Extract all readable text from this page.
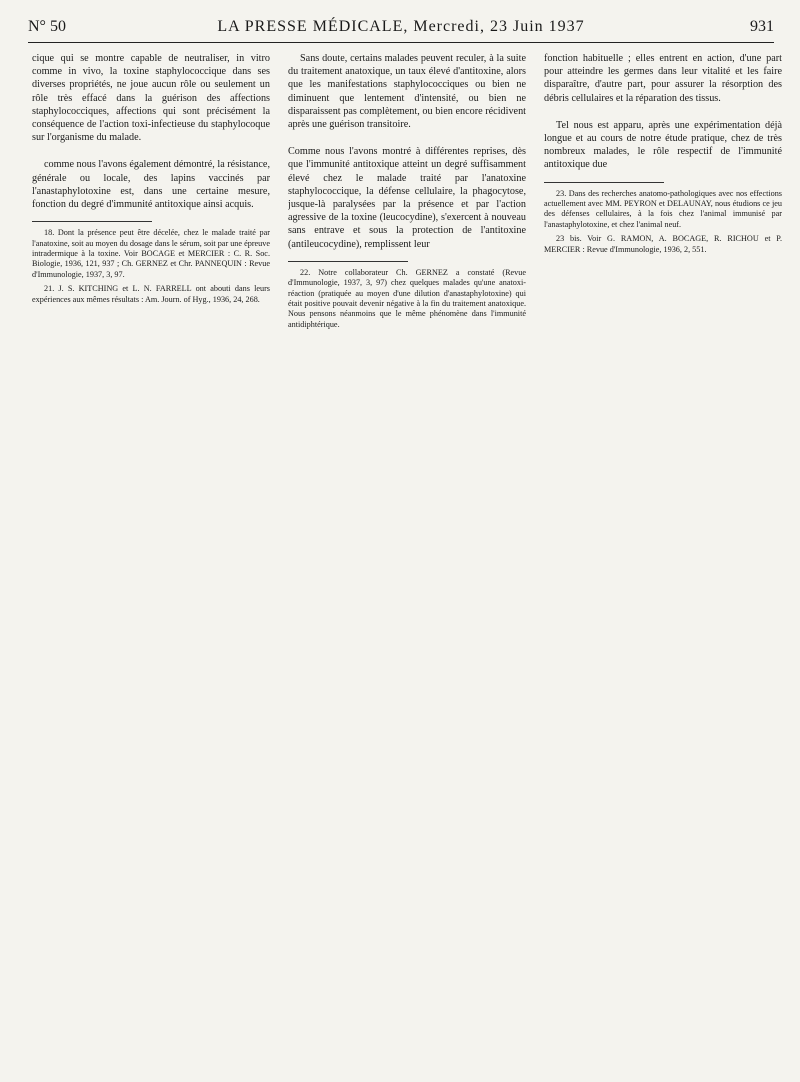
N° 50	LA PRESSE MÉDICALE, Mercredi, 23 Juin 1937	931

cique qui se montre capable de neutraliser, in vitro comme in vivo, la toxine staphylococcique dans ses diverses propriétés, ne joue aucun rôle ou seulement un rôle très effacé dans la guérison des affections staphylococciques, affections qui sont précisément la conséquence de l'action toxi-infectieuse du staphylocoque sur l'organisme du malade.

comme nous l'avons également démontré, la résistance, générale ou locale, des lapins vaccinés par l'anastaphylotoxine est, dans une certaine mesure, fonction du degré d'immunité antitoxique ainsi acquis.

18. Dont la présence peut être décelée, chez le malade traité par l'anatoxine, soit au moyen du dosage dans le sérum, soit par une épreuve intradermique à la toxine. Voir BOCAGE et MERCIER : C. R. Soc. Biologie, 1936, 121, 937 ; Ch. GERNEZ et Chr. PANNEQUIN : Revue d'Immunologie, 1937, 3, 97.

21. J. S. KITCHING et L. N. FARRELL ont abouti dans leurs expériences aux mêmes résultats : Am. Journ. of Hyg., 1936, 24, 268.

Sans doute, certains malades peuvent reculer, à la suite du traitement anatoxique, un taux élevé d'antitoxine, alors que les manifestations staphylococciques ou bien ne diminuent que lentement d'intensité, ou bien ne disparaissent pas complètement, ou bien encore récidivent après une guérison transitoire.

Comme nous l'avons montré à différentes reprises, dès que l'immunité antitoxique atteint un degré suffisamment élevé chez le malade traité par l'anatoxine staphylococcique, la défense cellulaire, la phagocytose, jusque-là paralysées par la présence et par l'action agressive de la toxine (leucocydine), s'exercent à nouveau sans entrave et sous la protection de l'antitoxine (antileucocydine), remplissent leur

22. Notre collaborateur Ch. GERNEZ a constaté (Revue d'Immunologie, 1937, 3, 97) chez quelques malades qu'une anatoxi-réaction (pratiquée au moyen d'une dilution d'anastaphylotoxine) qui était positive pouvait devenir négative à la fin du traitement anatoxique. Nous pensons néanmoins que le même phénomène dans l'immunité antidiphtérique.

fonction habituelle ; elles entrent en action, d'une part pour atteindre les germes dans leur vitalité et les faire disparaître, d'autre part, pour assurer la résorption des débris cellulaires et la réparation des tissus.

Tel nous est apparu, après une expérimentation déjà longue et au cours de notre étude pratique, chez de très nombreux malades, le rôle respectif de l'immunité antitoxique due

23. Dans des recherches anatomo-pathologiques avec nos effections actuellement avec MM. PEYRON et DELAUNAY, nous étudions ce jeu des défenses cellulaires, à la fois chez l'animal immunisé par l'anastaphylotoxine, et chez l'animal neuf.

23 bis. Voir G. RAMON, A. BOCAGE, R. RICHOU et P. MERCIER : Revue d'Immunologie, 1936, 2, 551.
